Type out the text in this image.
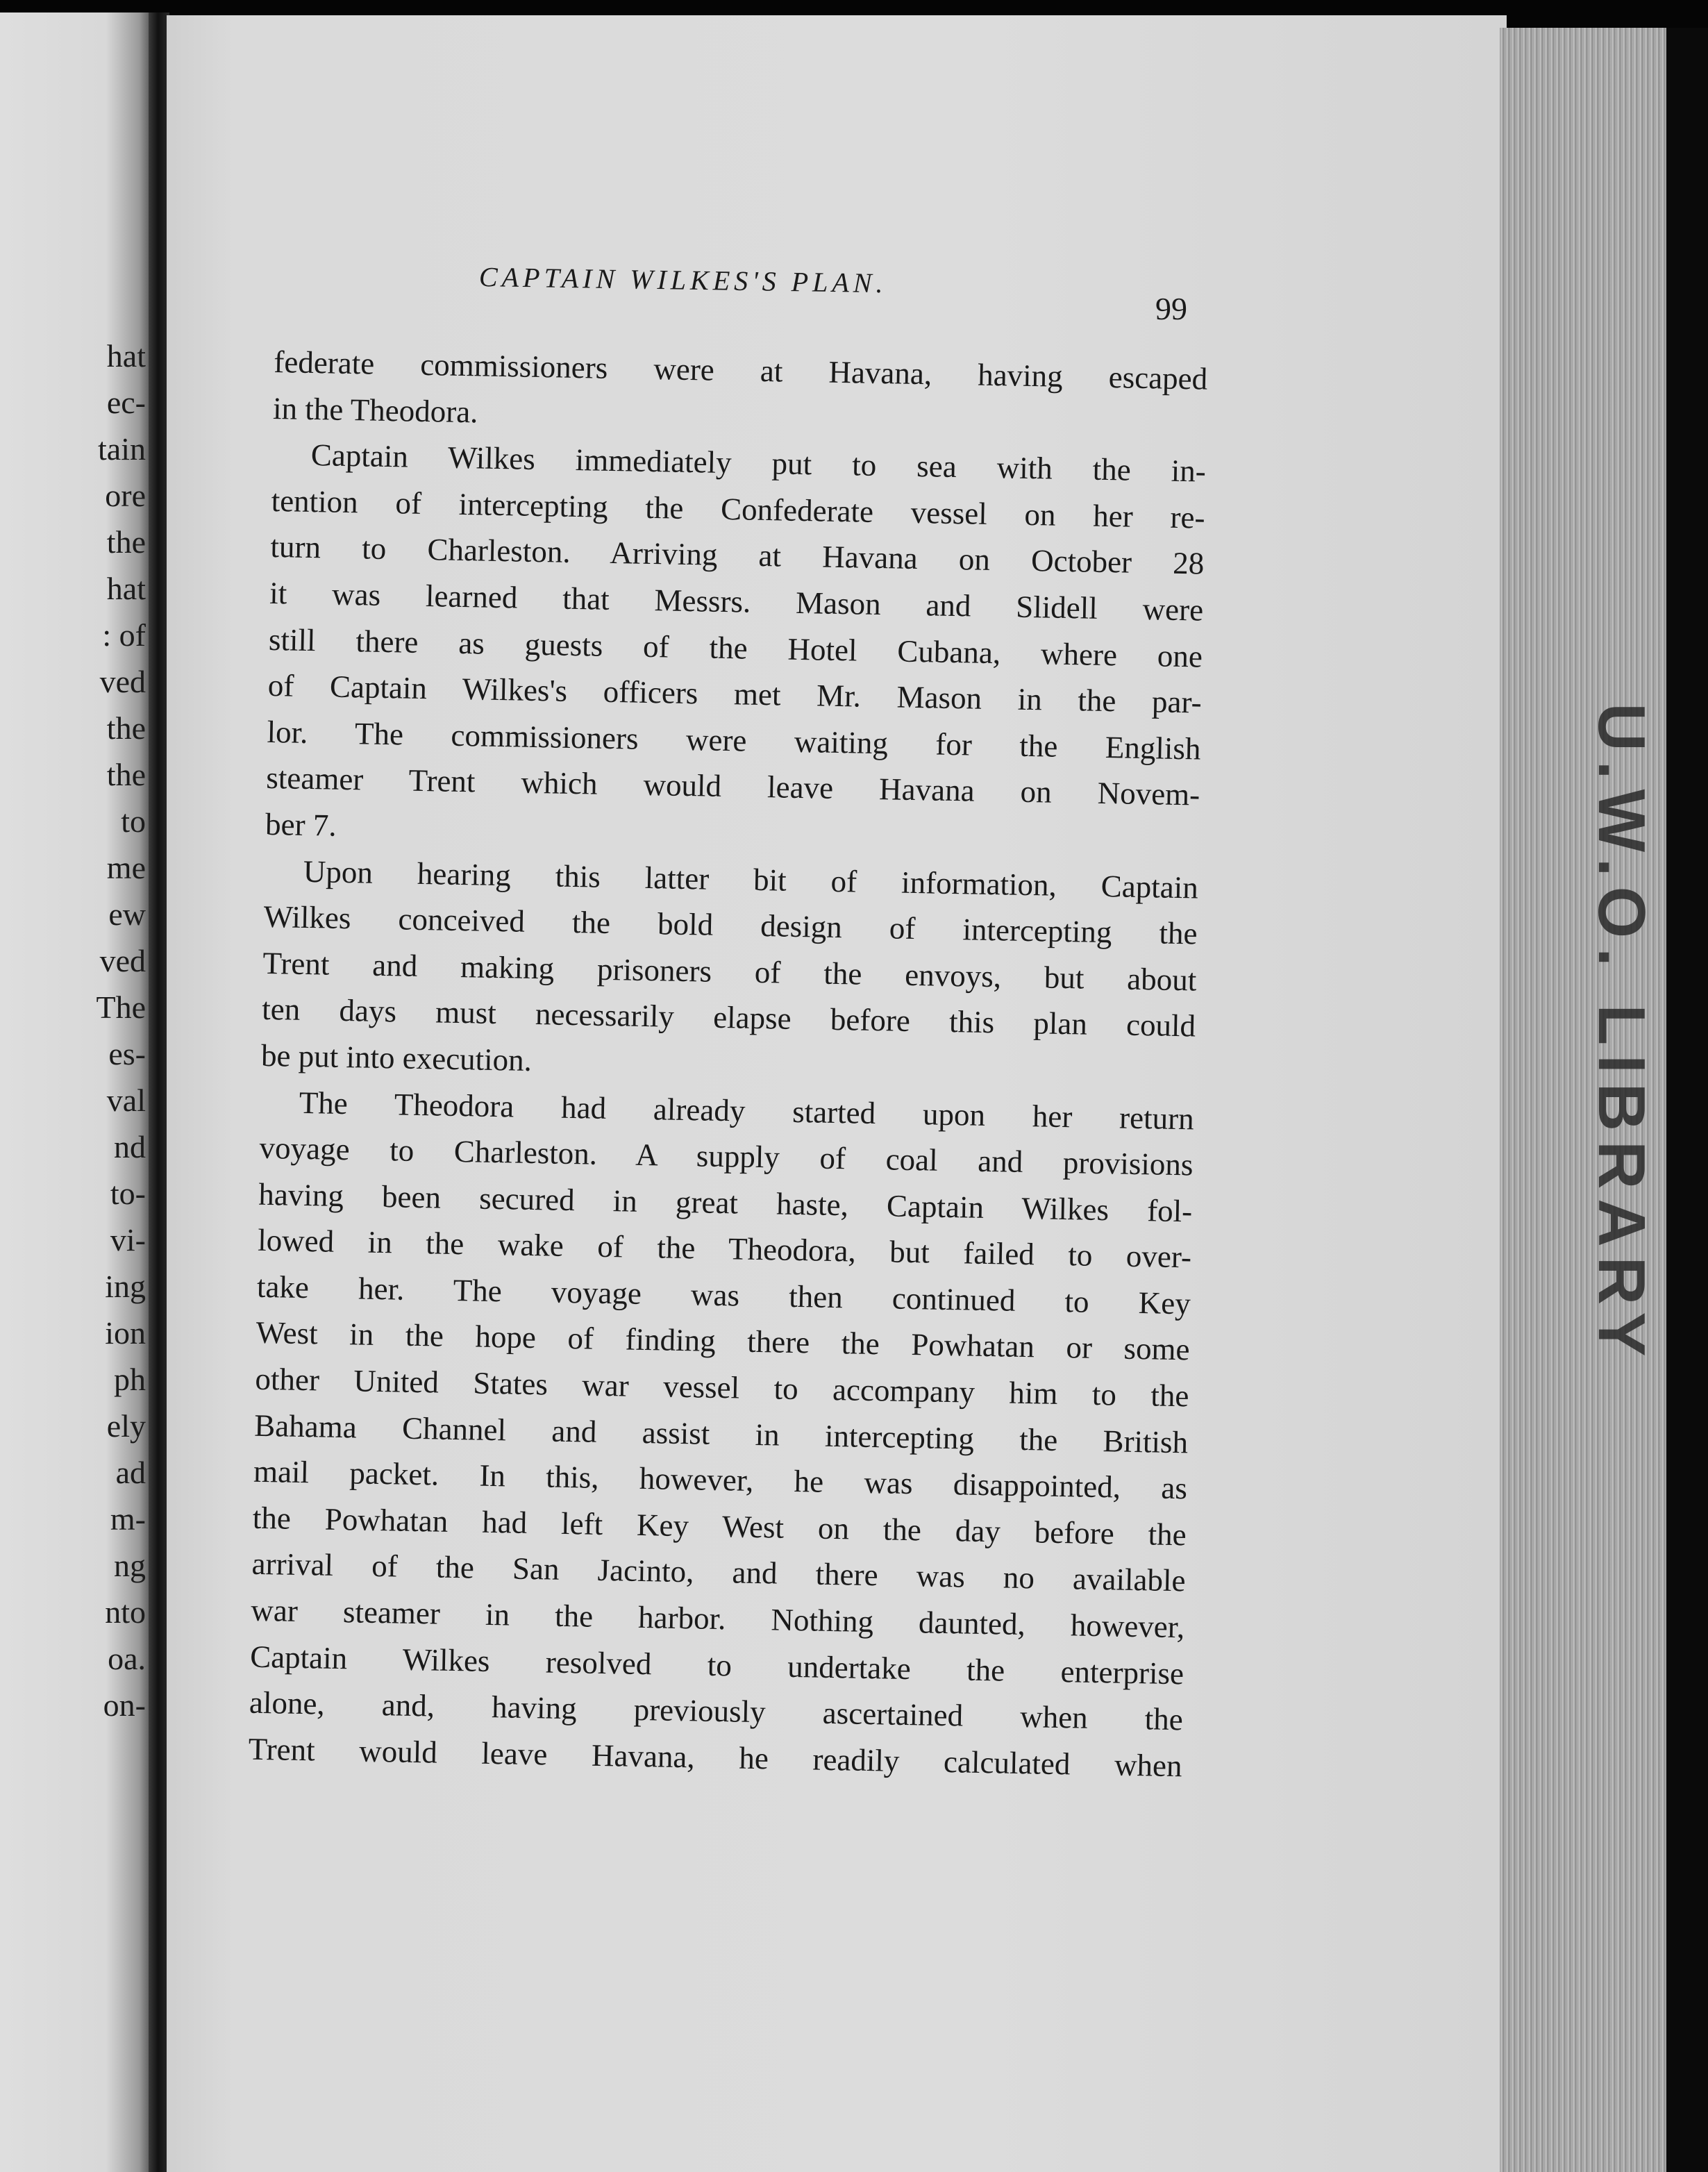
hat

ec-

tain

ore

the

hat

: of

ved

the

the

to

me

ew

ved

The

es-

val

nd

to-

vi-

ing

ion

ph

ely

ad

m-

ng

nto

oa.

on-

CAPTAIN WILKES'S PLAN.

99

federate commissioners were at Havana, having escaped

in the Theodora.

Captain Wilkes immediately put to sea with the in-

tention of intercepting the Confederate vessel on her re-

turn to Charleston. Arriving at Havana on October 28

it was learned that Messrs. Mason and Slidell were

still there as guests of the Hotel Cubana, where one

of Captain Wilkes's officers met Mr. Mason in the par-

lor. The commissioners were waiting for the English

steamer Trent which would leave Havana on Novem-

ber 7.

Upon hearing this latter bit of information, Captain

Wilkes conceived the bold design of intercepting the

Trent and making prisoners of the envoys, but about

ten days must necessarily elapse before this plan could

be put into execution.

The Theodora had already started upon her return

voyage to Charleston. A supply of coal and provisions

having been secured in great haste, Captain Wilkes fol-

lowed in the wake of the Theodora, but failed to over-

take her. The voyage was then continued to Key

West in the hope of finding there the Powhatan or some

other United States war vessel to accompany him to the

Bahama Channel and assist in intercepting the British

mail packet. In this, however, he was disappointed, as

the Powhatan had left Key West on the day before the

arrival of the San Jacinto, and there was no available

war steamer in the harbor. Nothing daunted, however,

Captain Wilkes resolved to undertake the enterprise

alone, and, having previously ascertained when the

Trent would leave Havana, he readily calculated when

U.W.O. LIBRARY
